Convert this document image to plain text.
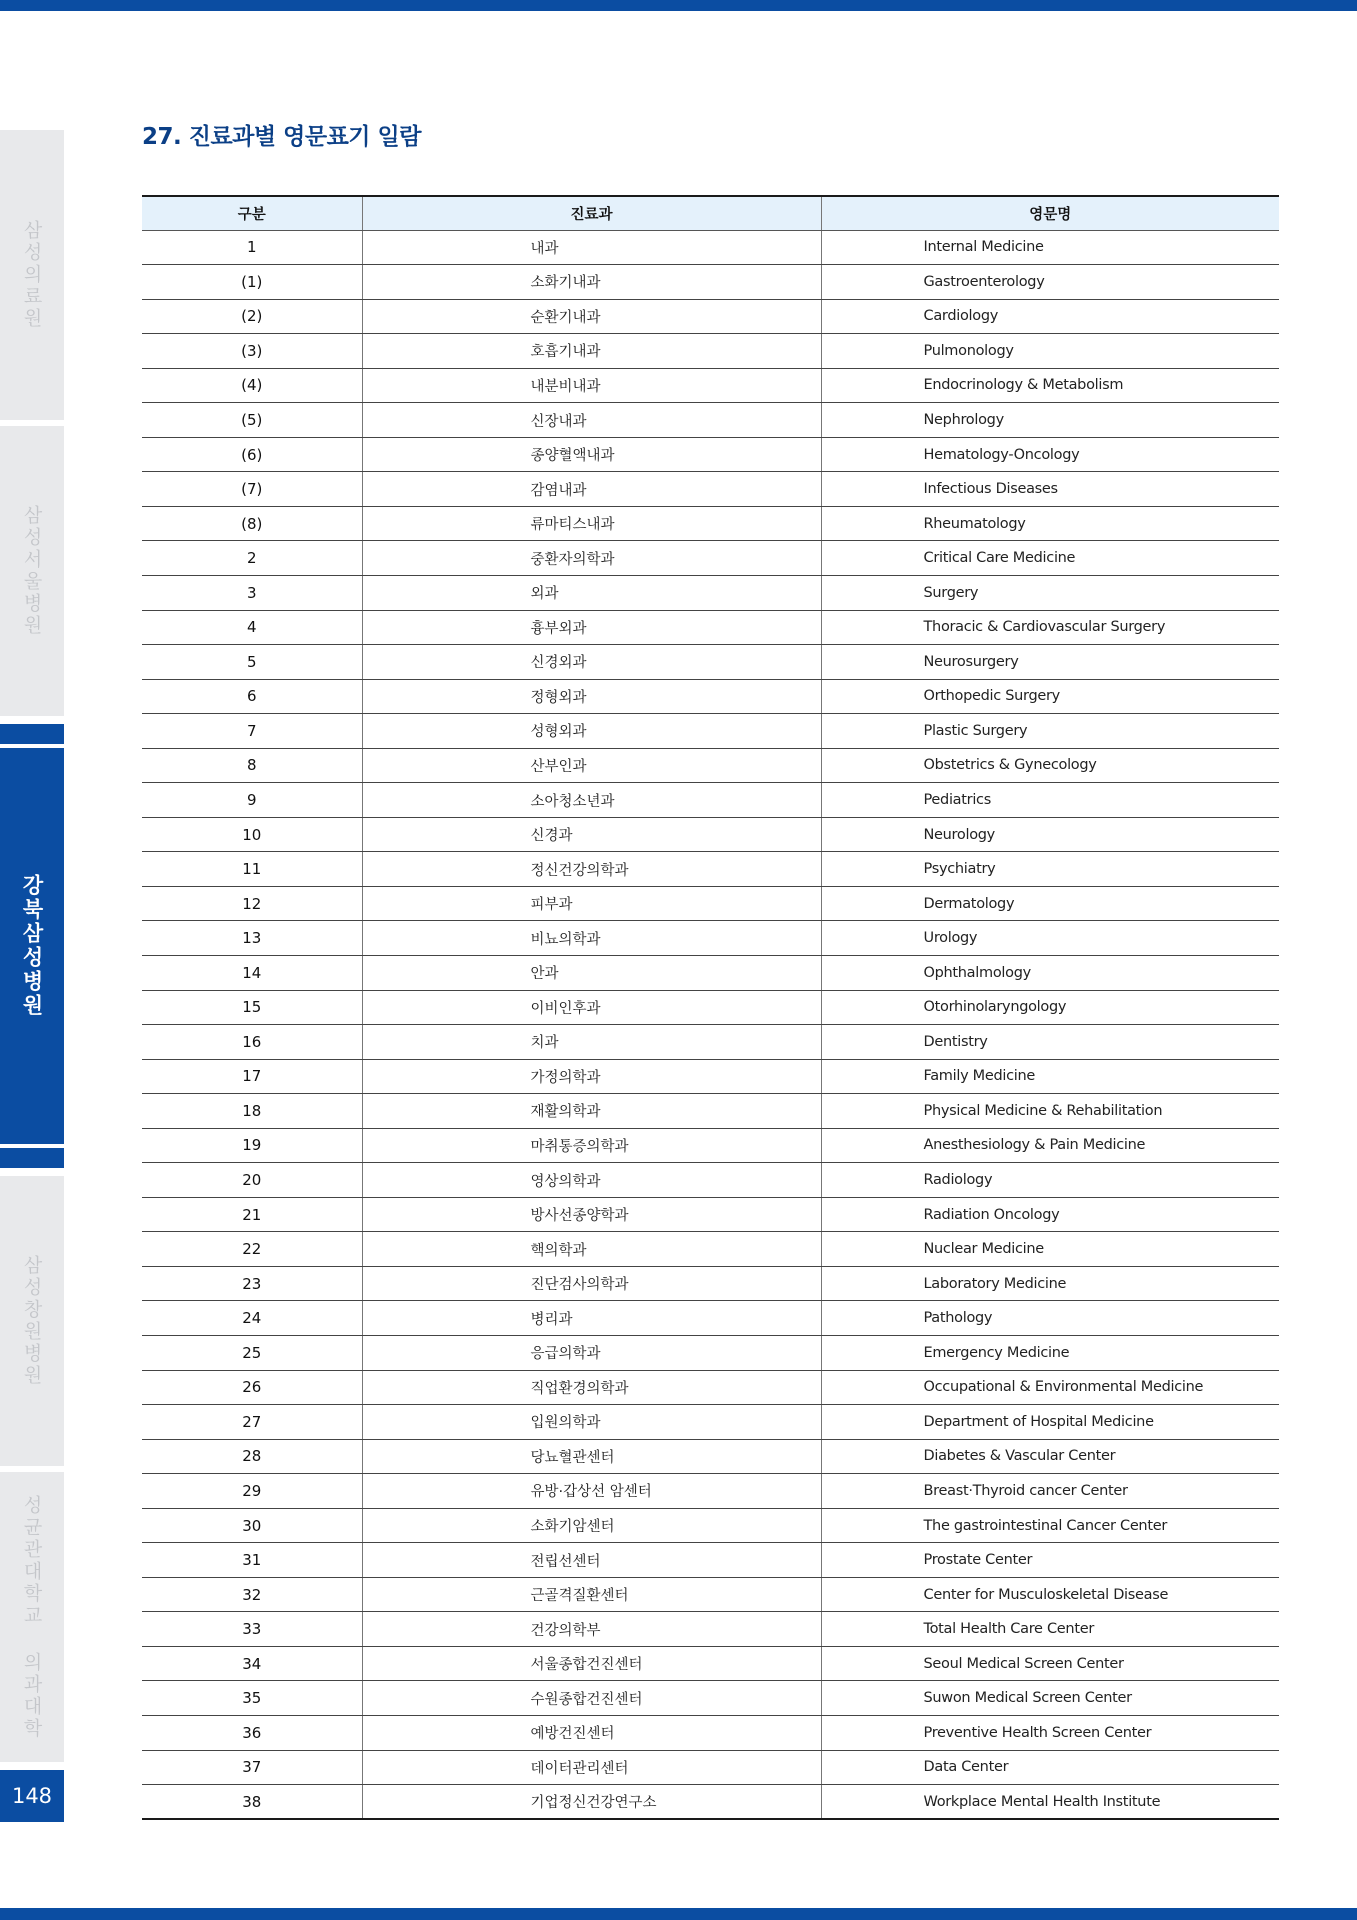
삼성의료원
삼성서울병원
강북삼성병원
삼성창원병원
성균관대학교 의과대학
148
27. 진료과별 영문표기 일람
구분	진료과	영문명
1	내과	Internal Medicine
(1)	소화기내과	Gastroenterology
(2)	순환기내과	Cardiology
(3)	호흡기내과	Pulmonology
(4)	내분비내과	Endocrinology & Metabolism
(5)	신장내과	Nephrology
(6)	종양혈액내과	Hematology-Oncology
(7)	감염내과	Infectious Diseases
(8)	류마티스내과	Rheumatology
2	중환자의학과	Critical Care Medicine
3	외과	Surgery
4	흉부외과	Thoracic & Cardiovascular Surgery
5	신경외과	Neurosurgery
6	정형외과	Orthopedic Surgery
7	성형외과	Plastic Surgery
8	산부인과	Obstetrics & Gynecology
9	소아청소년과	Pediatrics
10	신경과	Neurology
11	정신건강의학과	Psychiatry
12	피부과	Dermatology
13	비뇨의학과	Urology
14	안과	Ophthalmology
15	이비인후과	Otorhinolaryngology
16	치과	Dentistry
17	가정의학과	Family Medicine
18	재활의학과	Physical Medicine & Rehabilitation
19	마취통증의학과	Anesthesiology & Pain Medicine
20	영상의학과	Radiology
21	방사선종양학과	Radiation Oncology
22	핵의학과	Nuclear Medicine
23	진단검사의학과	Laboratory Medicine
24	병리과	Pathology
25	응급의학과	Emergency Medicine
26	직업환경의학과	Occupational & Environmental Medicine
27	입원의학과	Department of Hospital Medicine
28	당뇨혈관센터	Diabetes & Vascular Center
29	유방·갑상선 암센터	Breast·Thyroid cancer Center
30	소화기암센터	The gastrointestinal Cancer Center
31	전립선센터	Prostate Center
32	근골격질환센터	Center for Musculoskeletal Disease
33	건강의학부	Total Health Care Center
34	서울종합건진센터	Seoul Medical Screen Center
35	수원종합건진센터	Suwon Medical Screen Center
36	예방건진센터	Preventive Health Screen Center
37	데이터관리센터	Data Center
38	기업정신건강연구소	Workplace Mental Health Institute
